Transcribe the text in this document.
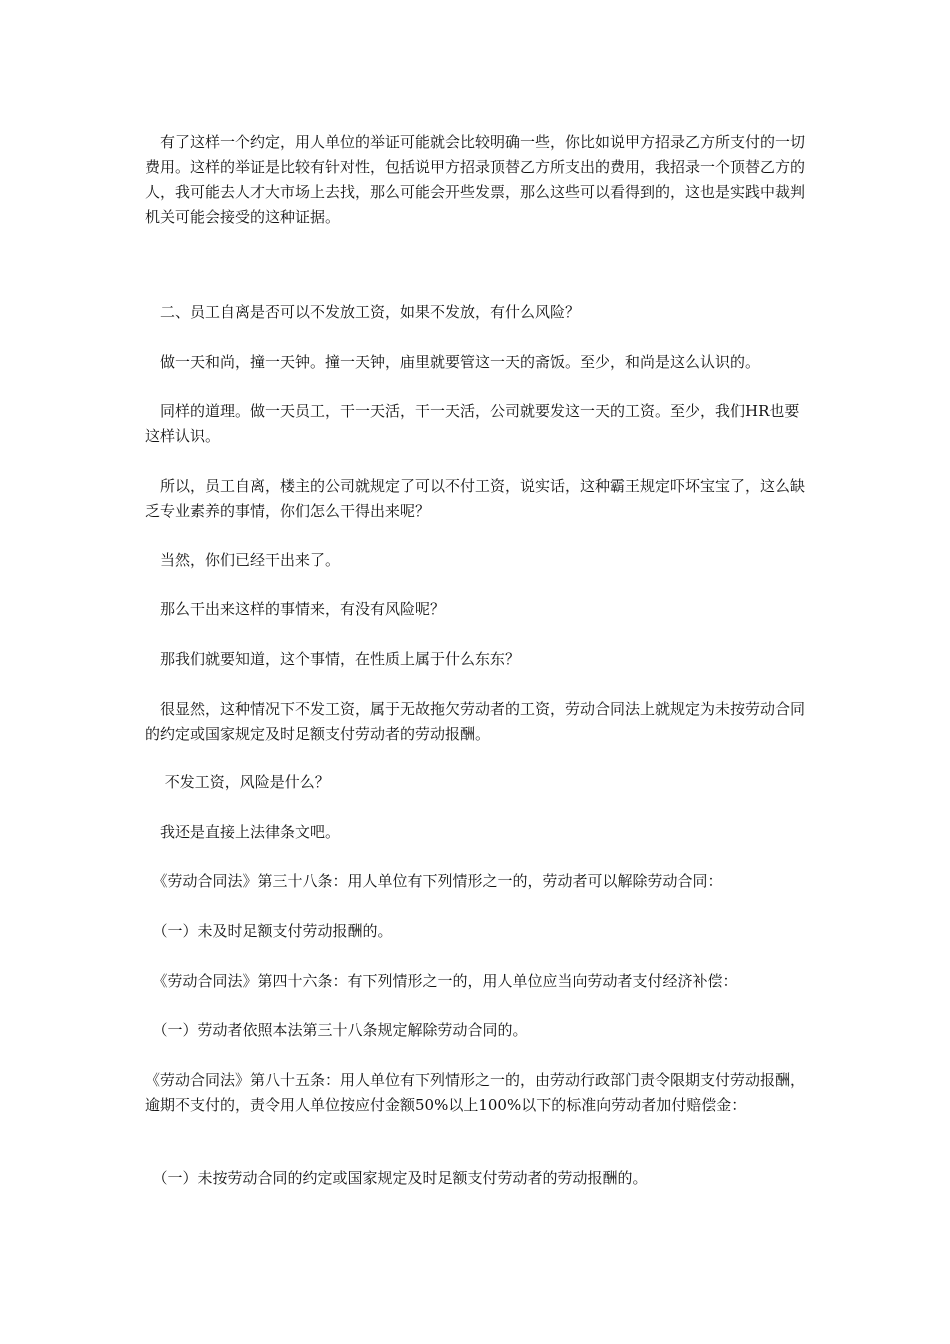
　有了这样一个约定，用人单位的举证可能就会比较明确一些，你比如说甲方招录乙方所支付的一切费用。这样的举证是比较有针对性，包括说甲方招录顶替乙方所支出的费用，我招录一个顶替乙方的人，我可能去人才大市场上去找，那么可能会开些发票，那么这些可以看得到的，这也是实践中裁判机关可能会接受的这种证据。

　二、员工自离是否可以不发放工资，如果不发放，有什么风险？

　做一天和尚，撞一天钟。撞一天钟，庙里就要管这一天的斋饭。至少，和尚是这么认识的。

　同样的道理。做一天员工，干一天活，干一天活，公司就要发这一天的工资。至少，我们HR也要这样认识。

　所以，员工自离，楼主的公司就规定了可以不付工资，说实话，这种霸王规定吓坏宝宝了，这么缺乏专业素养的事情，你们怎么干得出来呢？

　当然，你们已经干出来了。

　那么干出来这样的事情来，有没有风险呢？

　那我们就要知道，这个事情，在性质上属于什么东东？

　很显然，这种情况下不发工资，属于无故拖欠劳动者的工资，劳动合同法上就规定为未按劳动合同的约定或国家规定及时足额支付劳动者的劳动报酬。

　 不发工资，风险是什么？

　我还是直接上法律条文吧。

　《劳动合同法》第三十八条：用人单位有下列情形之一的，劳动者可以解除劳动合同：

　（一）未及时足额支付劳动报酬的。

　《劳动合同法》第四十六条：有下列情形之一的，用人单位应当向劳动者支付经济补偿：

　（一）劳动者依照本法第三十八条规定解除劳动合同的。

《劳动合同法》第八十五条：用人单位有下列情形之一的，由劳动行政部门责令限期支付劳动报酬，逾期不支付的，责令用人单位按应付金额50%以上100%以下的标准向劳动者加付赔偿金：

　（一）未按劳动合同的约定或国家规定及时足额支付劳动者的劳动报酬的。
